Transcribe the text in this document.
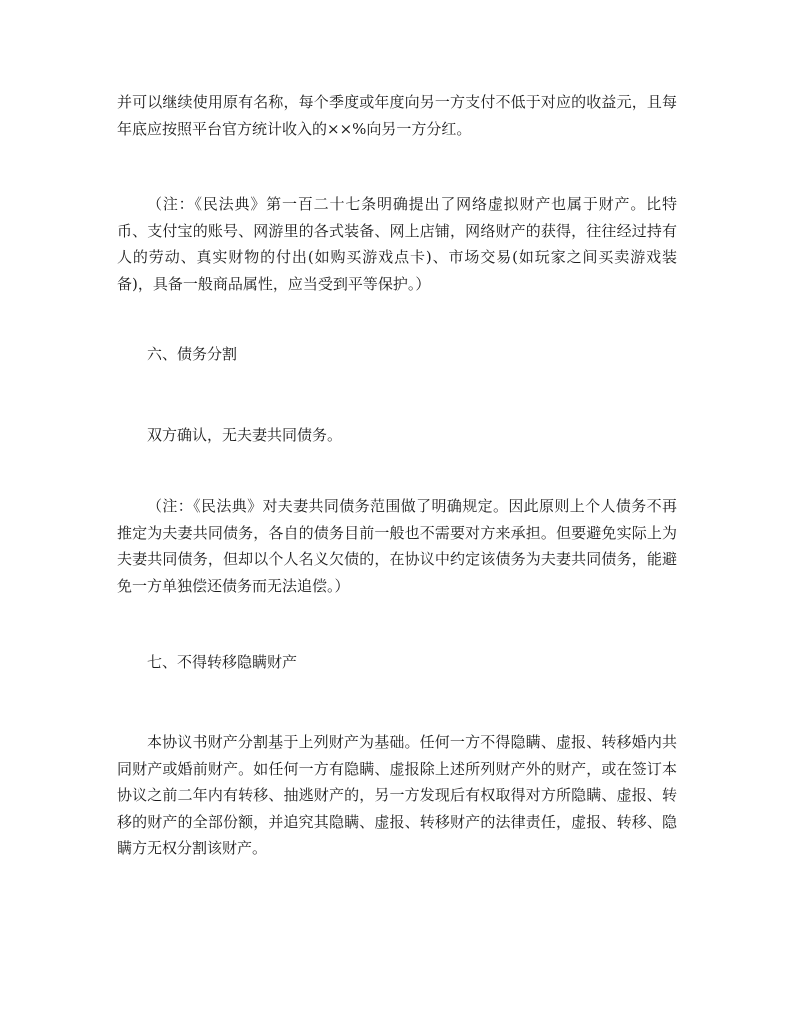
并可以继续使用原有名称，每个季度或年度向另一方支付不低于对应的收益元，且每年底应按照平台官方统计收入的××%向另一方分红。

（注：《民法典》第一百二十七条明确提出了网络虚拟财产也属于财产。比特币、支付宝的账号、网游里的各式装备、网上店铺，网络财产的获得，往往经过持有人的劳动、真实财物的付出(如购买游戏点卡)、市场交易(如玩家之间买卖游戏装备)，具备一般商品属性，应当受到平等保护。）

六、债务分割

双方确认，无夫妻共同债务。

（注：《民法典》对夫妻共同债务范围做了明确规定。因此原则上个人债务不再推定为夫妻共同债务，各自的债务目前一般也不需要对方来承担。但要避免实际上为夫妻共同债务，但却以个人名义欠债的，在协议中约定该债务为夫妻共同债务，能避免一方单独偿还债务而无法追偿。）

七、不得转移隐瞒财产

本协议书财产分割基于上列财产为基础。任何一方不得隐瞒、虚报、转移婚内共同财产或婚前财产。如任何一方有隐瞒、虚报除上述所列财产外的财产，或在签订本协议之前二年内有转移、抽逃财产的，另一方发现后有权取得对方所隐瞒、虚报、转移的财产的全部份额，并追究其隐瞒、虚报、转移财产的法律责任，虚报、转移、隐瞒方无权分割该财产。
